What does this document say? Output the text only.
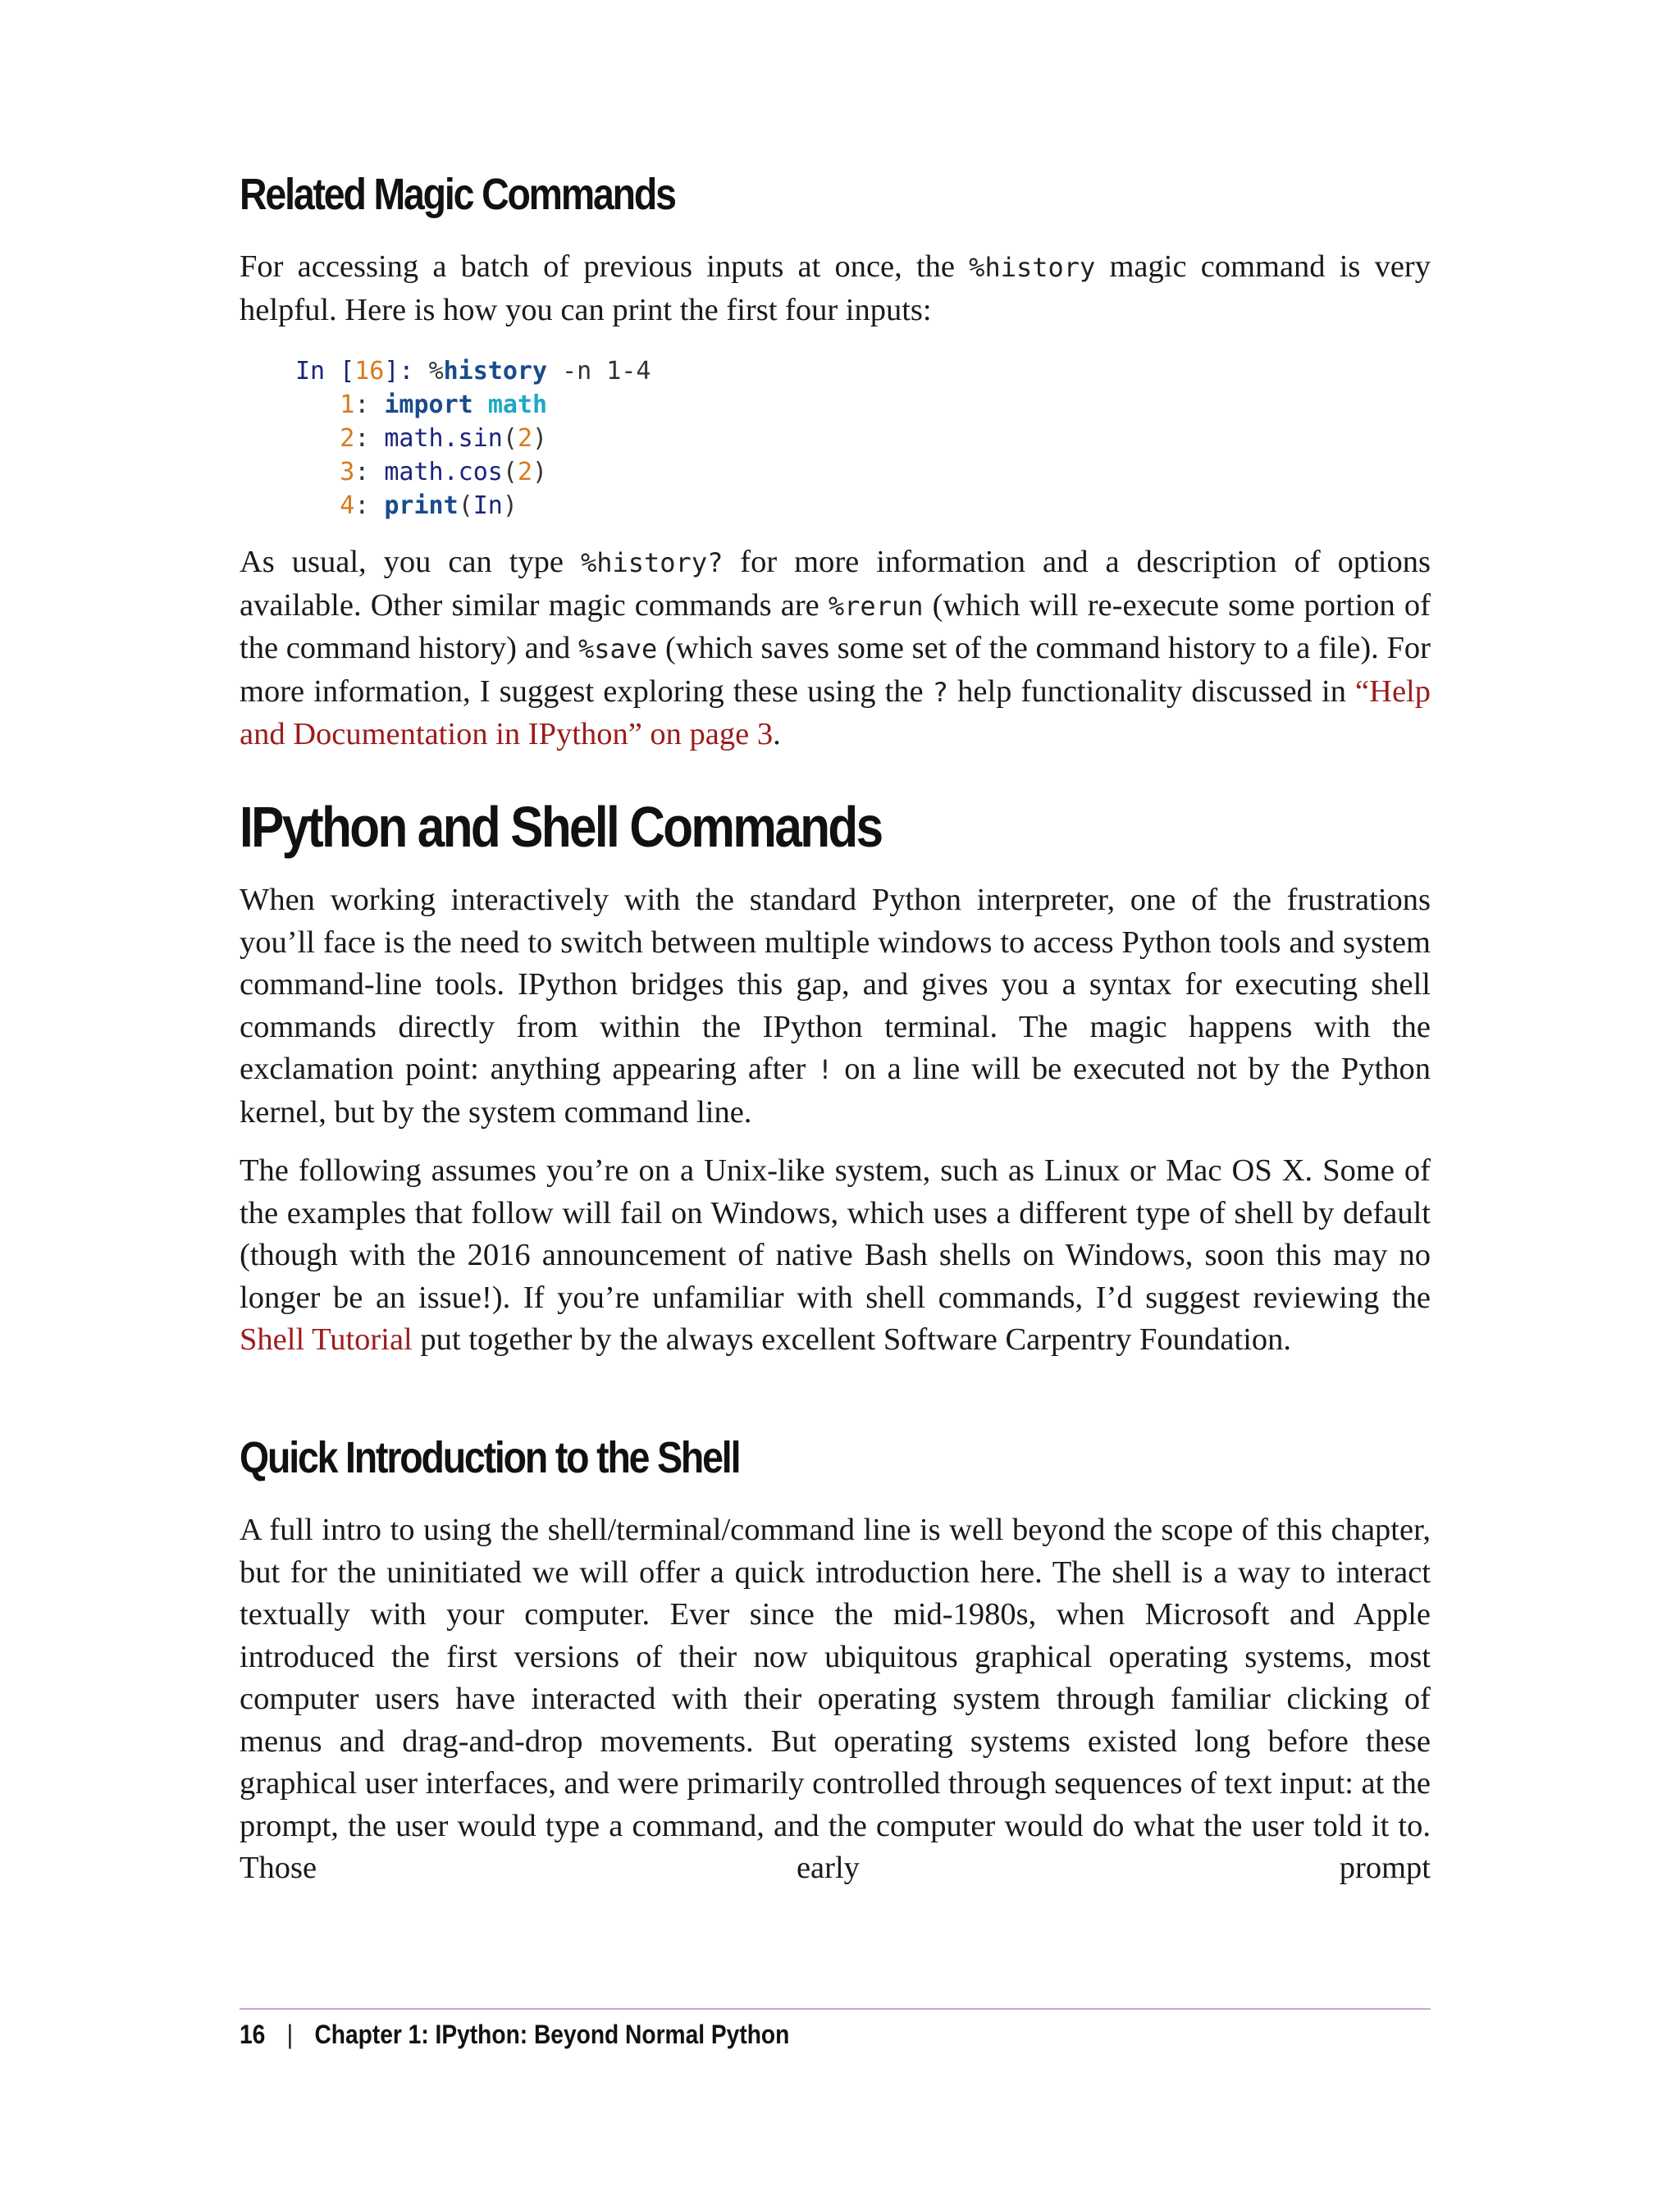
Related Magic Commands

For accessing a batch of previous inputs at once, the %history magic command is very helpful. Here is how you can print the first four inputs:

In [16]: %history -n 1-4
1: import math
2: math.sin(2)
3: math.cos(2)
4: print(In)

As usual, you can type %history? for more information and a description of options available. Other similar magic commands are %rerun (which will re-execute some portion of the command history) and %save (which saves some set of the command history to a file). For more information, I suggest exploring these using the ? help functionality discussed in “Help and Documentation in IPython” on page 3.

IPython and Shell Commands

When working interactively with the standard Python interpreter, one of the frustrations you’ll face is the need to switch between multiple windows to access Python tools and system command-line tools. IPython bridges this gap, and gives you a syntax for executing shell commands directly from within the IPython terminal. The magic happens with the exclamation point: anything appearing after ! on a line will be executed not by the Python kernel, but by the system command line.

The following assumes you’re on a Unix-like system, such as Linux or Mac OS X. Some of the examples that follow will fail on Windows, which uses a different type of shell by default (though with the 2016 announcement of native Bash shells on Windows, soon this may no longer be an issue!). If you’re unfamiliar with shell commands, I’d suggest reviewing the Shell Tutorial put together by the always excellent Software Carpentry Foundation.

Quick Introduction to the Shell

A full intro to using the shell/terminal/command line is well beyond the scope of this chapter, but for the uninitiated we will offer a quick introduction here. The shell is a way to interact textually with your computer. Ever since the mid-1980s, when Microsoft and Apple introduced the first versions of their now ubiquitous graphical operating systems, most computer users have interacted with their operating system through familiar clicking of menus and drag-and-drop movements. But operating systems existed long before these graphical user interfaces, and were primarily controlled through sequences of text input: at the prompt, the user would type a command, and the computer would do what the user told it to. Those early prompt

16 | Chapter 1: IPython: Beyond Normal Python
